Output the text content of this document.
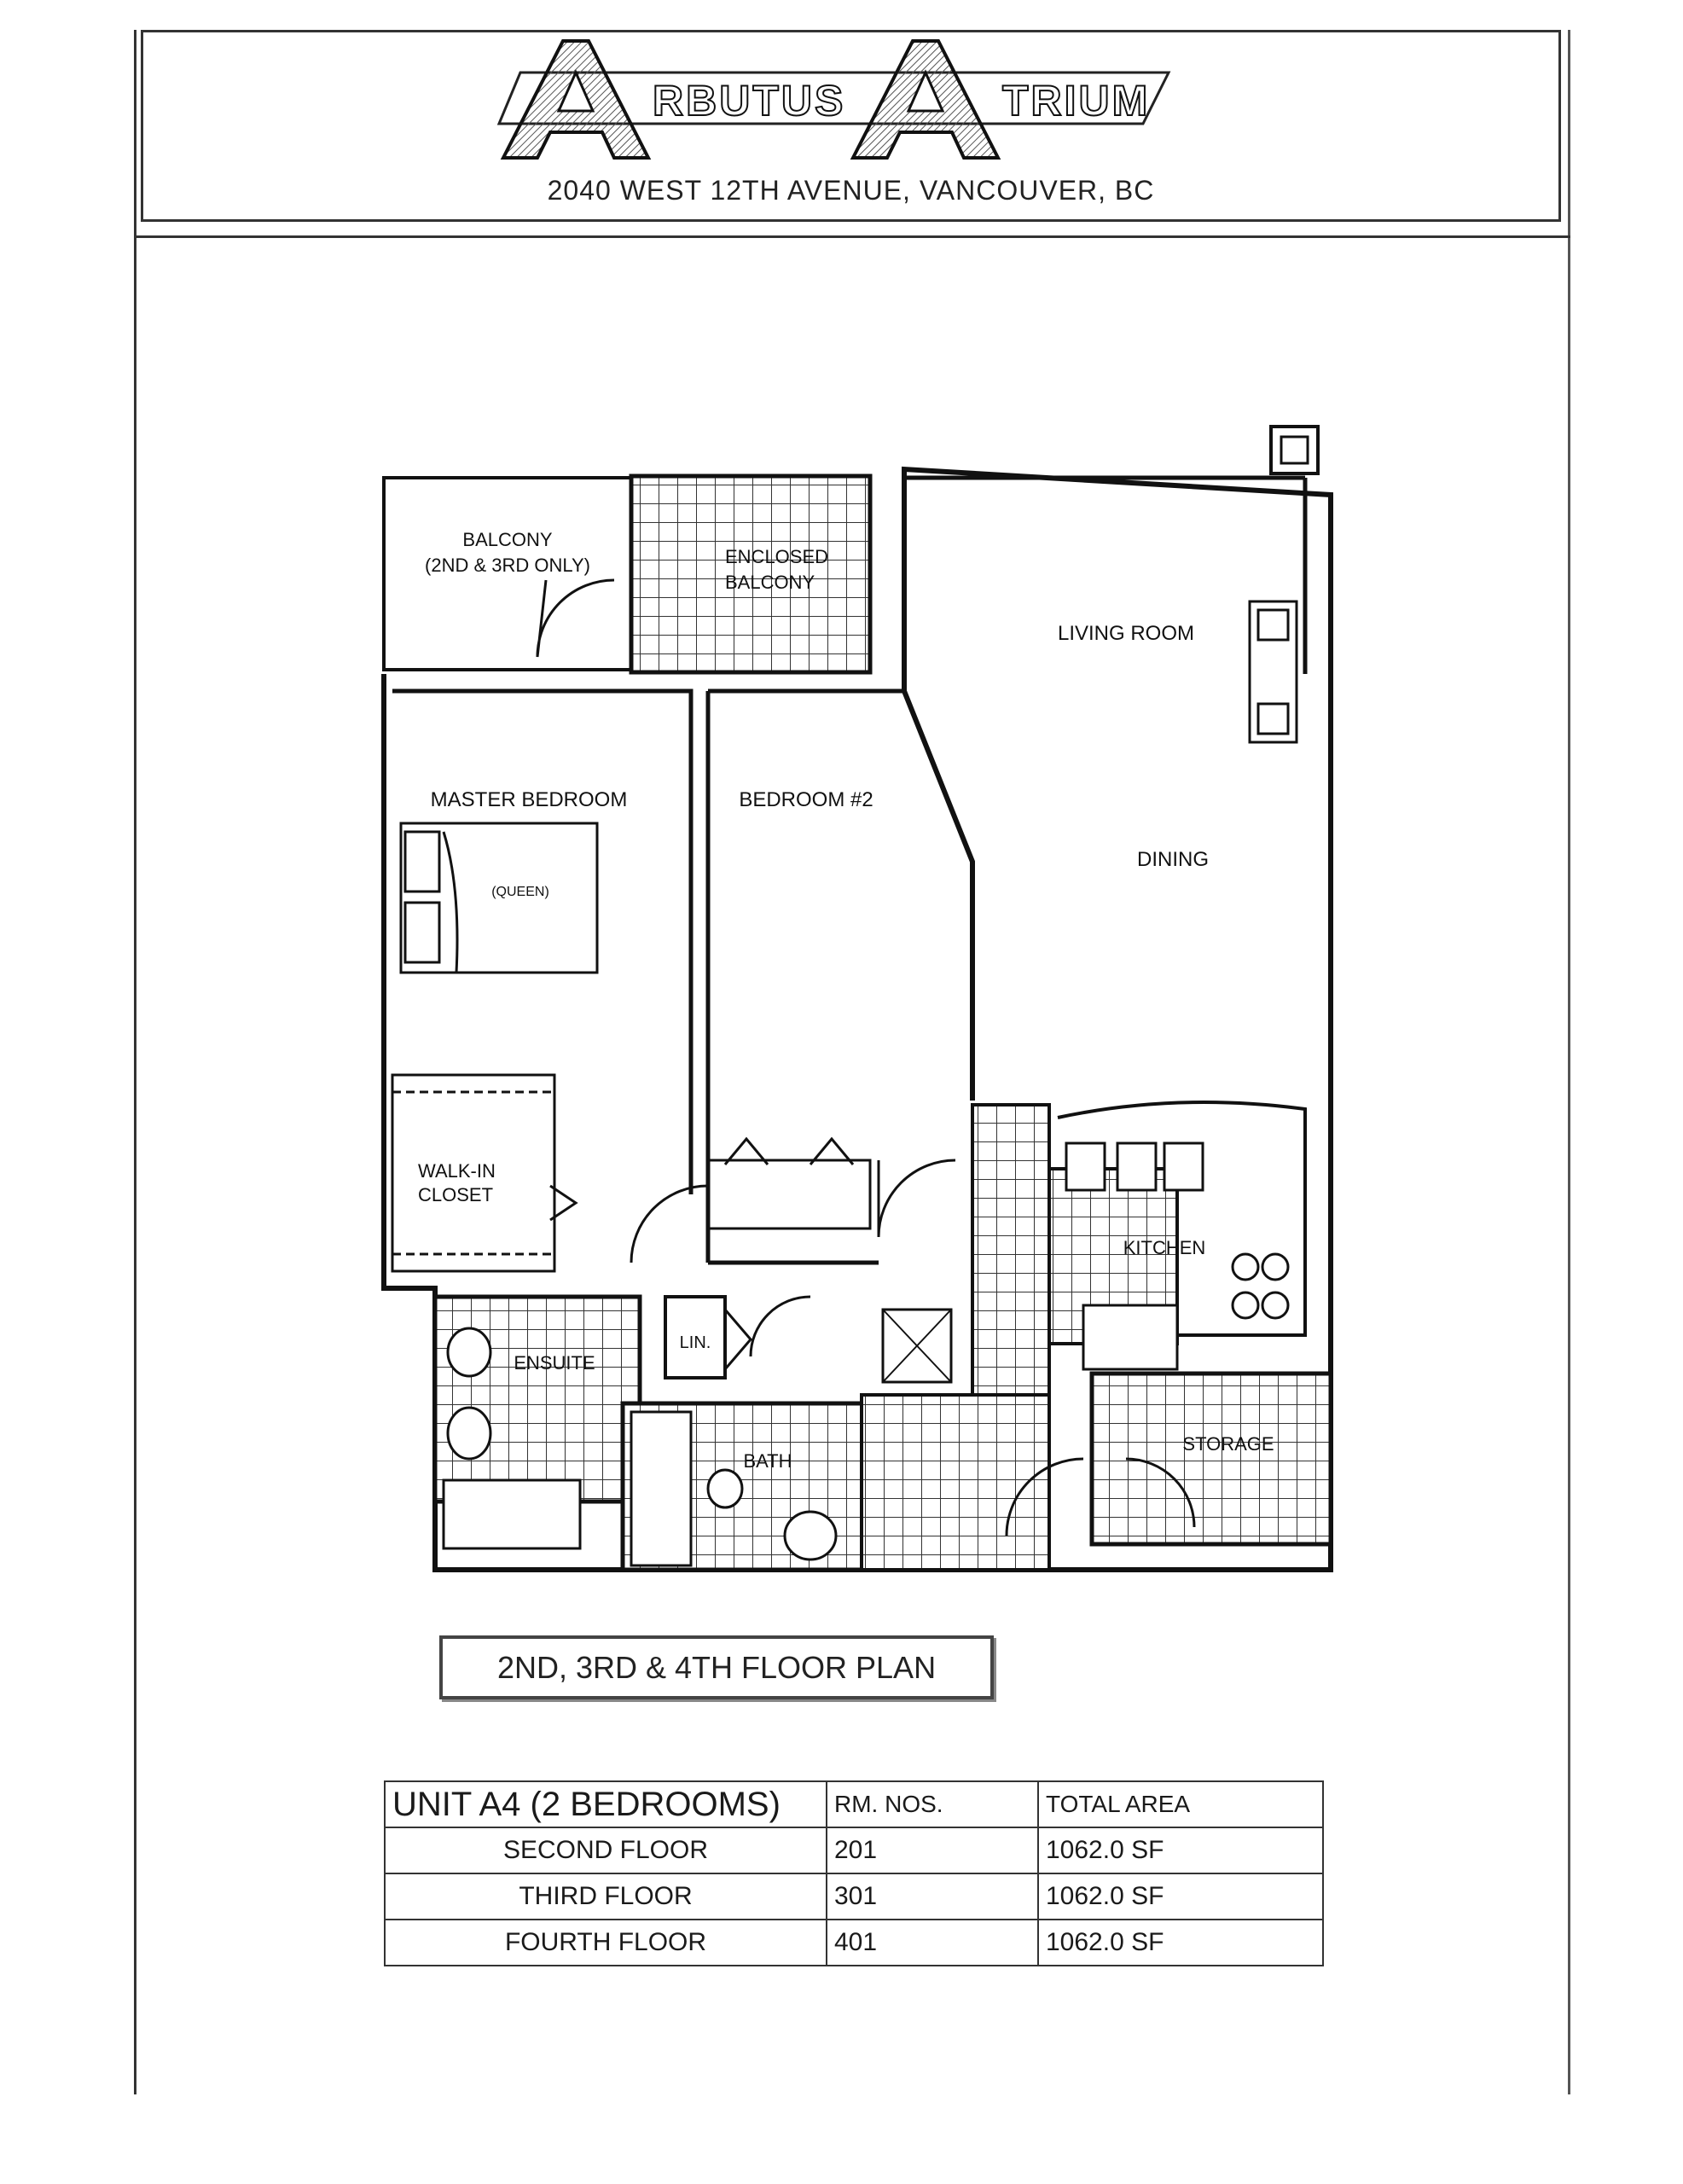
RBUTUS	TRIUM
2040 WEST 12TH AVENUE, VANCOUVER, BC
BALCONY
(2ND & 3RD ONLY)	ENCLOSED
BALCONY
LIVING ROOM
MASTER BEDROOM
(QUEEN)
BEDROOM #2
DINING
WALK-IN
CLOSET
KITCHEN
ENSUITE
LIN.
BATH
STORAGE
2ND, 3RD & 4TH FLOOR PLAN
UNIT A4 (2 BEDROOMS)	RM. NOS.	TOTAL AREA
SECOND FLOOR	201	1062.0 SF
THIRD FLOOR	301	1062.0 SF
FOURTH FLOOR	401	1062.0 SF
